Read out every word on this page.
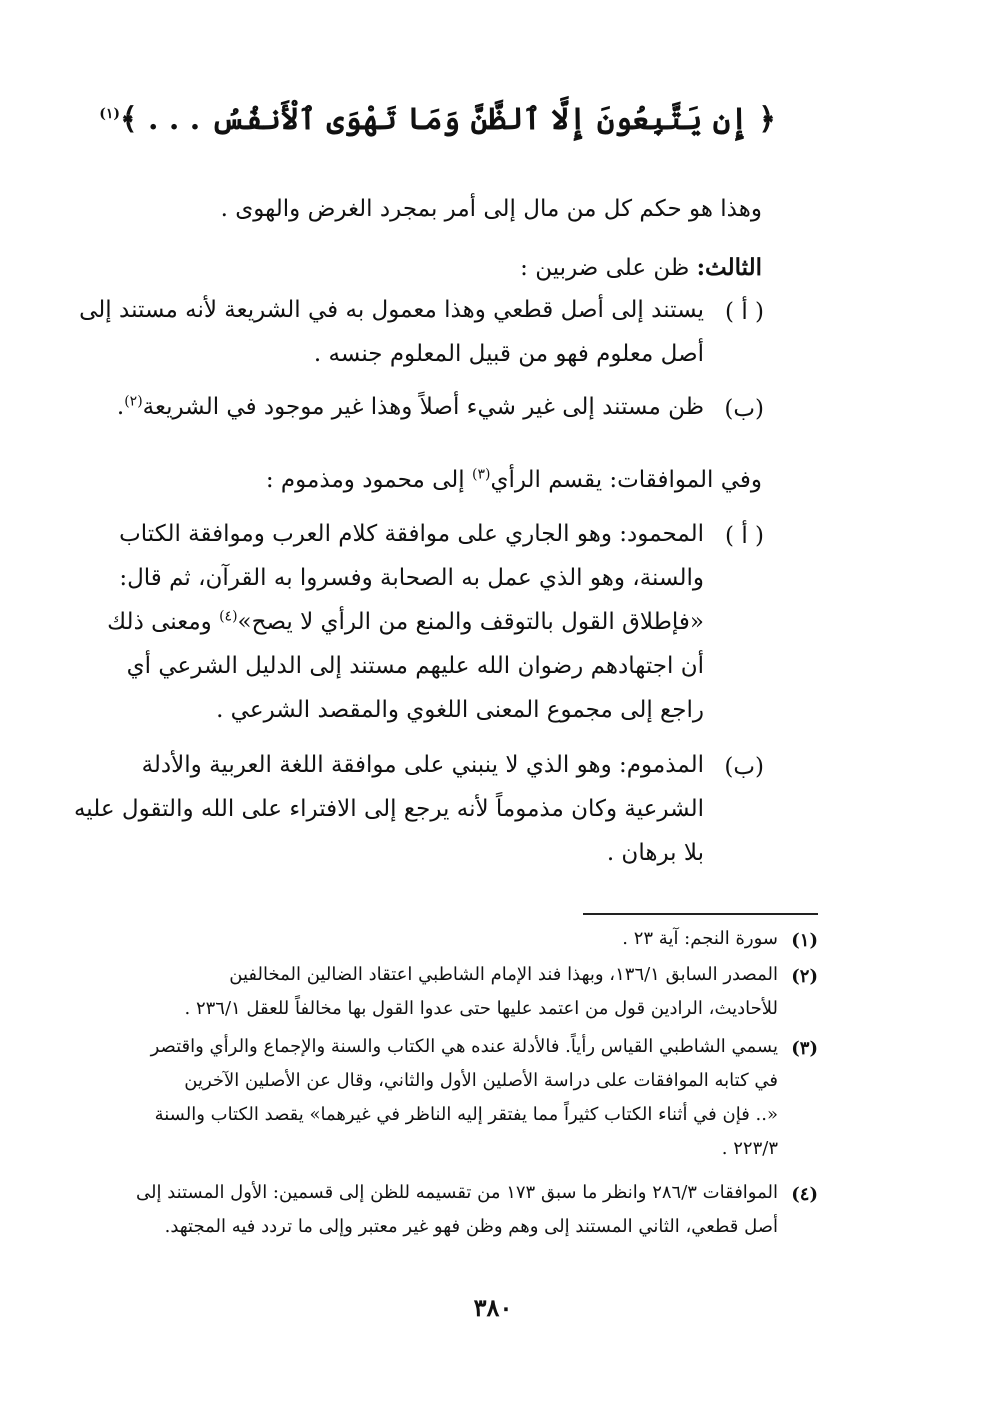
﴿ إِن يَتَّبِعُونَ إِلَّا ٱلظَّنَّ وَمَا تَهْوَى ٱلْأَنفُسُ . . . ﴾$^{(١)}$
وهذا هو حكم كل من مال إلى أمر بمجرد الغرض والهوى .
الثالث: ظن على ضربين :
( أ )
يستند إلى أصل قطعي وهذا معمول به في الشريعة لأنه مستند إلى
أصل معلوم فهو من قبيل المعلوم جنسه .
(ب)
ظن مستند إلى غير شيء أصلاً وهذا غير موجود في الشريعة$^{(٢)}$.
وفي الموافقات: يقسم الرأي$^{(٣)}$ إلى محمود ومذموم :
( أ )
المحمود: وهو الجاري على موافقة كلام العرب وموافقة الكتاب
والسنة، وهو الذي عمل به الصحابة وفسروا به القرآن، ثم قال:
«فإطلاق القول بالتوقف والمنع من الرأي لا يصح»$^{(٤)}$ ومعنى ذلك
أن اجتهادهم رضوان الله عليهم مستند إلى الدليل الشرعي أي
راجع إلى مجموع المعنى اللغوي والمقصد الشرعي .
(ب)
المذموم: وهو الذي لا ينبني على موافقة اللغة العربية والأدلة
الشرعية وكان مذموماً لأنه يرجع إلى الافتراء على الله والتقول عليه
بلا برهان .
(١)
سورة النجم: آية ٢٣ .
(٢)
المصدر السابق ١٣٦/١، وبهذا فند الإمام الشاطبي اعتقاد الضالين المخالفين
للأحاديث، الرادين قول من اعتمد عليها حتى عدوا القول بها مخالفاً للعقل ٢٣٦/١ .
(٣)
يسمي الشاطبي القياس رأياً. فالأدلة عنده هي الكتاب والسنة والإجماع والرأي واقتصر
في كتابه الموافقات على دراسة الأصلين الأول والثاني، وقال عن الأصلين الآخرين
«.. فإن في أثناء الكتاب كثيراً مما يفتقر إليه الناظر في غيرهما» يقصد الكتاب والسنة
٢٢٣/٣ .
(٤)
الموافقات ٢٨٦/٣ وانظر ما سبق ١٧٣ من تقسيمه للظن إلى قسمين: الأول المستند إلى
أصل قطعي، الثاني المستند إلى وهم وظن فهو غير معتبر وإلى ما تردد فيه المجتهد.
٣٨٠
